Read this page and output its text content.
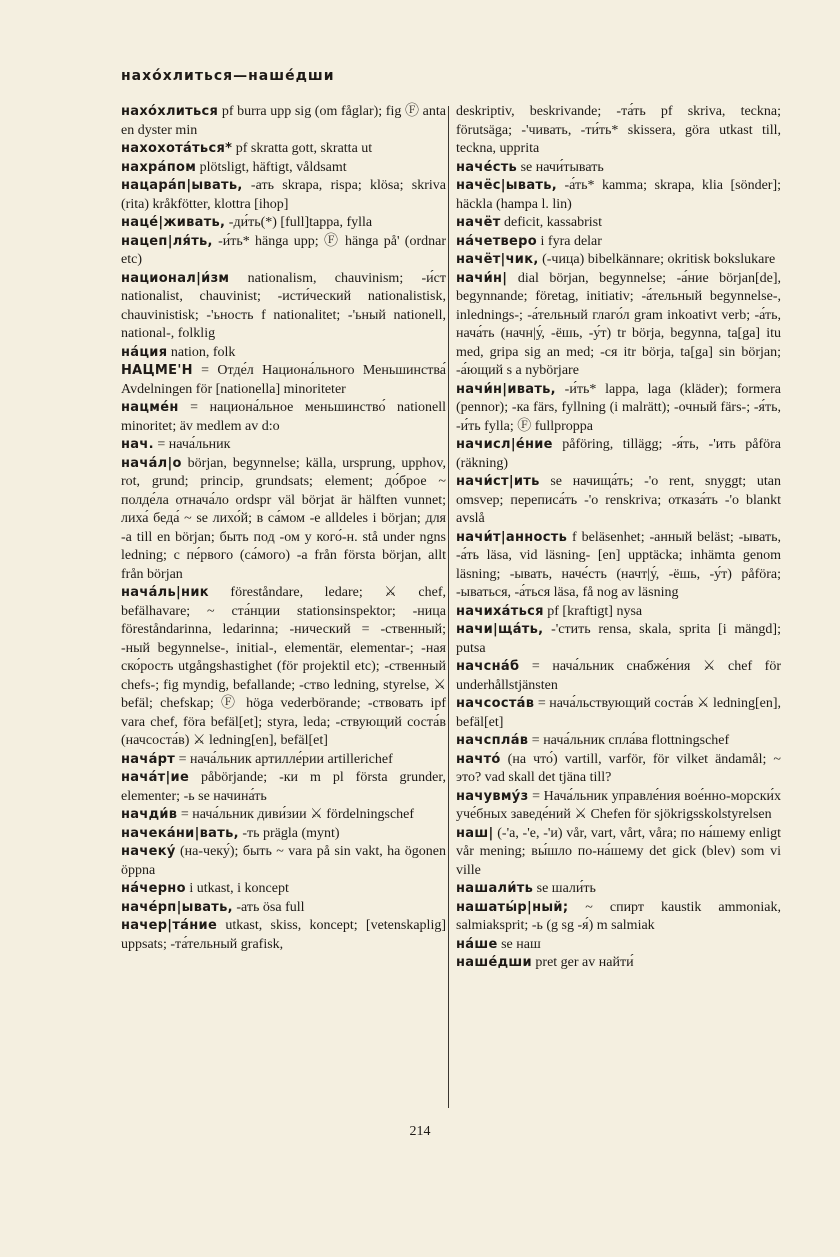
нахо́хлиться—наше́дши

нахо́хлиться pf burra upp sig (om fåglar); fig Ⓕ anta en dyster min

нахохота́ться* pf skratta gott, skratta ut

нахра́пом plötsligt, häftigt, våldsamt

нацара́п|ывать, -ать skrapa, rispa; klösa; skriva (rita) kråkfötter, klottra [ihop]

наце́|живать, -ди́ть(*) [full]tappa, fylla

нацеп|ля́ть, -и́ть* hänga upp; Ⓕ hänga på' (ordnar etc)

национал|и́зм nationalism, chauvinism; -и́ст nationalist, chauvinist; -исти́ческий nationalistisk, chauvinistisk; -'ьность f nationalitet; -'ьный nationell, national-, folklig

на́ция nation, folk

НАЦМЕ'Н = Отде́л Национа́льного Меньшинства́ Avdelningen för [nationella] minoriteter

нацме́н = национа́льное меньшинство́ nationell minoritet; äv medlem av d:o

нач. = нача́льник

нача́л|о början, begynnelse; källa, ursprung, upphov, rot, grund; princip, grundsats; element; до́брое ~ полде́ла отнача́ло ordspr väl börjat är hälften vunnet; лиха́ беда́ ~ se лихо́й; в са́мом -е alldeles i början; для -а till en början; быть под -ом у кого́-н. stå under ngns ledning; с пе́рвого (са́мого) -а från första början, allt från början

нача́ль|ник föreståndare, ledare; ⚔ chef, befälhavare; ~ ста́нции stationsinspektor; -ница föreståndarinna, ledarinna; -нический = -ственный; -ный begynnelse-, initial-, elementär, elementar-; -ная ско́рость utgångshastighet (för projektil etc); -ственный chefs-; fig myndig, befallande; -ство ledning, styrelse, ⚔ befäl; chefskap; Ⓕ höga vederbörande; -ствовать ipf vara chef, föra befäl[et]; styra, leda; -ствующий соста́в (начсоста́в) ⚔ ledning[en], befäl[et]

нача́рт = нача́льник артилле́рии artillerichef

нача́т|ие påbörjande; -ки m pl första grunder, elementer; -ь se начина́ть

начди́в = нача́льник диви́зии ⚔ fördelningschef

начека́ни|вать, -ть prägla (mynt)

начеку́ (на-чеку́); быть ~ vara på sin vakt, ha ögonen öppna

на́черно i utkast, i koncept

наче́рп|ывать, -ать ösa full

начер|та́ние utkast, skiss, koncept; [vetenskaplig] uppsats; -та́тельный grafisk,

deskriptiv, beskrivande; -та́ть pf skriva, teckna; förutsäga; -'чивать, -ти́ть* skissera, göra utkast till, teckna, upprita

наче́сть se начи́тывать

начёс|ывать, -а́ть* kamma; skrapa, klia [sönder]; häckla (hampa l. lin)

начёт deficit, kassabrist

на́четверо i fyra delar

начёт|чик, (-чица) bibelkännare; okritisk bokslukare

начи́н| dial början, begynnelse; -а́ние början[de], begynnande; företag, initiativ; -а́тельный begynnelse-, inlednings-; -а́тельный глаго́л gram inkoativt verb; -а́ть, нача́ть (начн|у́, -ёшь, -у́т) tr börja, begynna, ta[ga] itu med, gripa sig an med; -ся itr börja, ta[ga] sin början; -а́ющий s a nybörjare

начи́н|ивать, -и́ть* lappa, laga (kläder); formera (pennor); -ка färs, fyllning (i malrätt); -очный färs-; -я́ть, -и́ть fylla; Ⓕ fullproppa

начисл|е́ние påföring, tillägg; -я́ть, -'ить påföra (räkning)

начи́ст|ить se начища́ть; -'о rent, snyggt; utan omsvep; переписа́ть -'о renskriva; отказа́ть -'о blankt avslå

начи́т|анность f beläsenhet; -анный beläst; -ывать, -а́ть läsa, vid läsning- [en] upptäcka; inhämta genom läsning; -ывать, наче́сть (начт|у́, -ёшь, -у́т) påföra; -ываться, -а́ться läsa, få nog av läsning

начиха́ться pf [kraftigt] nysa

начи|ща́ть, -'стить rensa, skala, sprita [i mängd]; putsa

начсна́б = нача́льник снабже́ния ⚔ chef för underhållstjänsten

начсоста́в = нача́льствующий соста́в ⚔ ledning[en], befäl[et]

начспла́в = нача́льник спла́ва flottningschef

начто́ (на что́) vartill, varför, för vilket ändamål; ~ это? vad skall det tjäna till?

начувму́з = Нача́льник управле́ния вое́нно-морски́х уче́бных заведе́ний ⚔ Chefen för sjökrigsskolstyrelsen

наш| (-'а, -'е, -'и) vår, vart, vårt, våra; по на́шему enligt vår mening; вы́шло по-на́шему det gick (blev) som vi ville

нашали́ть se шали́ть

нашаты́р|ный; ~ спирт kaustik ammoniak, salmiaksprit; -ь (g sg -я́) m salmiak

на́ше se наш

наше́дши pret ger av найти́

214
